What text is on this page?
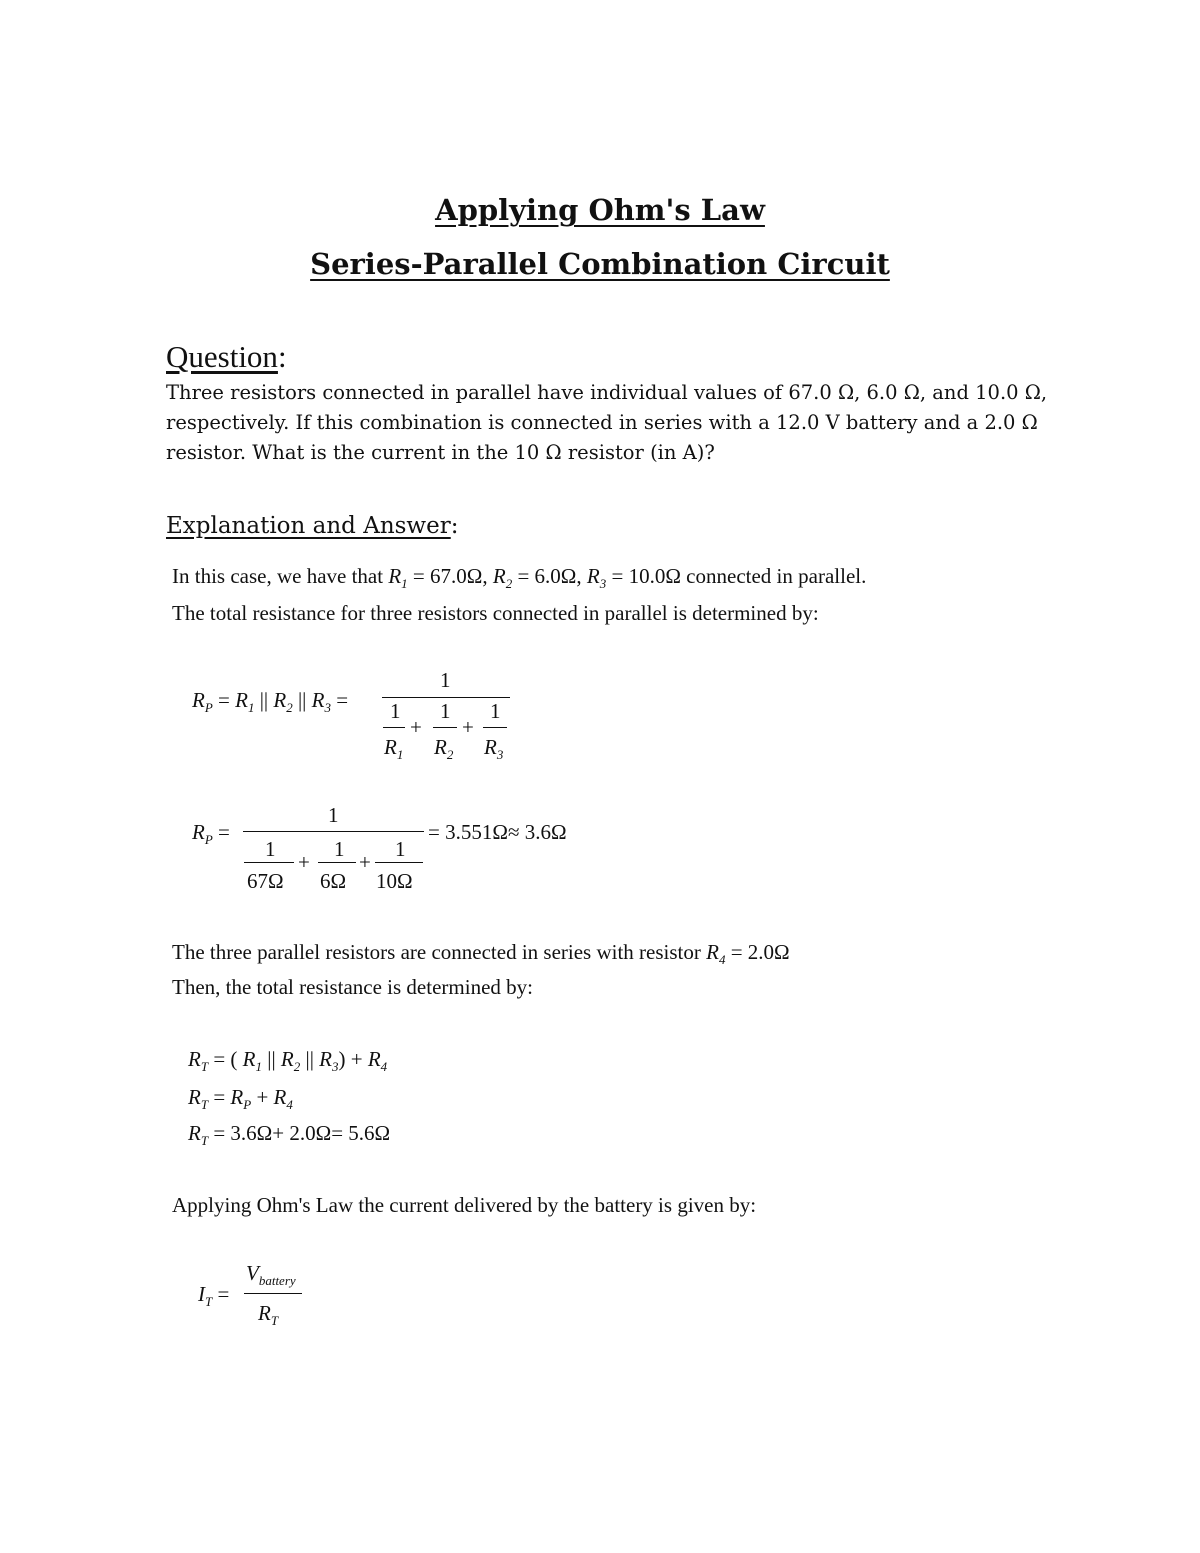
Applying Ohm's Law
Series-Parallel Combination Circuit
Question:
Three resistors connected in parallel have individual values of 67.0 Ω, 6.0 Ω, and 10.0 Ω,
respectively. If this combination is connected in series with a 12.0 V battery and a 2.0 Ω
resistor. What is the current in the 10 Ω resistor (in A)?
Explanation and Answer:
In this case, we have that $R_1 = 67.0\Omega$, $R_2 = 6.0\Omega$, $R_3 = 10.0\Omega$ connected in parallel.
The total resistance for three resistors connected in parallel is determined by:
$R_P = R_1$ || $R_2$ || $R_3$ =
1
1
$R_1$
+
1
$R_2$
+
1
$R_3$
$R_P$ =
1
1
67Ω
+
1
6Ω
+
1
10Ω
= 3.551Ω≈ 3.6Ω
The three parallel resistors are connected in series with resistor $R_4 = 2.0\Omega$
Then, the total resistance is determined by:
$R_T$ = ( $R_1$ || $R_2$ || $R_3) + R_4$
$R_T = R_P + R_4$
$R_T = 3.6\Omega+ 2.0\Omega= 5.6\Omega$
Applying Ohm's Law the current delivered by the battery is given by:
$I_T$ =
$V_{battery}$
$R_T$
